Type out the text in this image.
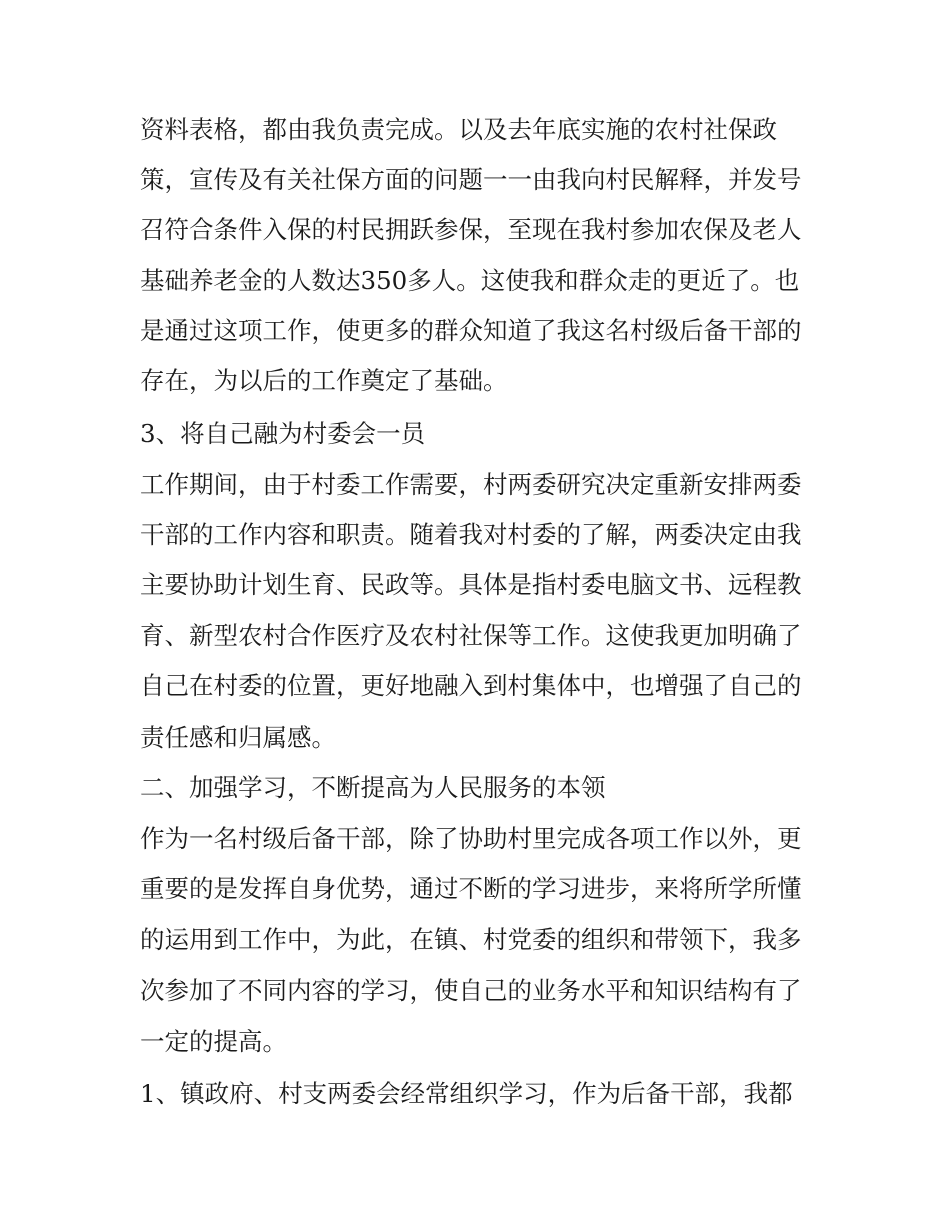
资料表格，都由我负责完成。以及去年底实施的农村社保政
策，宣传及有关社保方面的问题一一由我向村民解释，并发号
召符合条件入保的村民拥跃参保，至现在我村参加农保及老人
基础养老金的人数达350多人。这使我和群众走的更近了。也
是通过这项工作，使更多的群众知道了我这名村级后备干部的
存在，为以后的工作奠定了基础。
3、将自己融为村委会一员
工作期间，由于村委工作需要，村两委研究决定重新安排两委
干部的工作内容和职责。随着我对村委的了解，两委决定由我
主要协助计划生育、民政等。具体是指村委电脑文书、远程教
育、新型农村合作医疗及农村社保等工作。这使我更加明确了
自己在村委的位置，更好地融入到村集体中，也增强了自己的
责任感和归属感。
二、加强学习，不断提高为人民服务的本领
作为一名村级后备干部，除了协助村里完成各项工作以外，更
重要的是发挥自身优势，通过不断的学习进步，来将所学所懂
的运用到工作中，为此，在镇、村党委的组织和带领下，我多
次参加了不同内容的学习，使自己的业务水平和知识结构有了
一定的提高。
1、镇政府、村支两委会经常组织学习，作为后备干部，我都
